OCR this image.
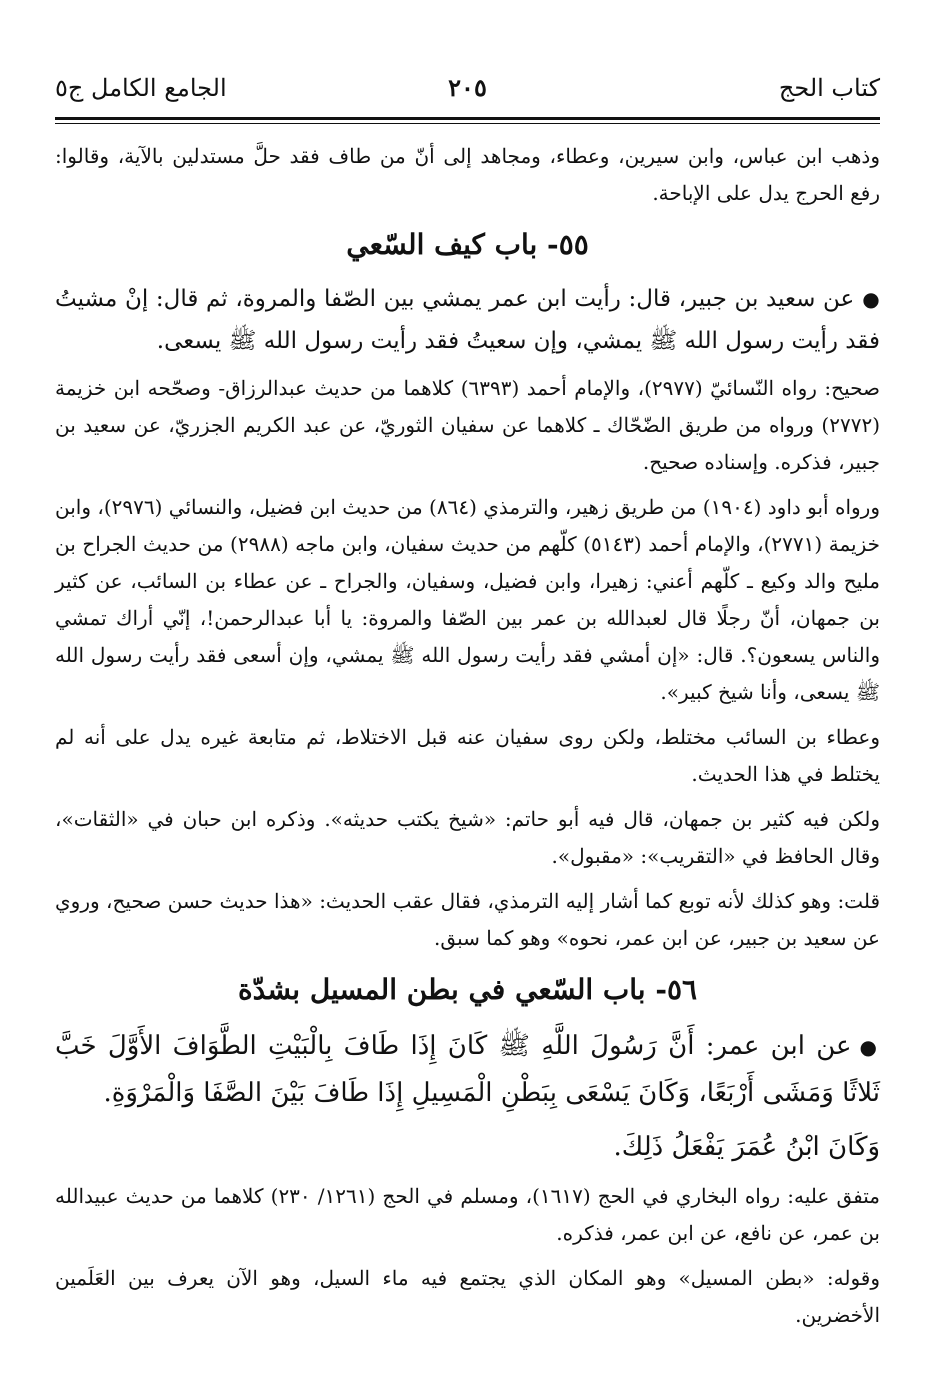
الجامع الكامل ج٥	٢٠٥	كتاب الحج

وذهب ابن عباس، وابن سيرين، وعطاء، ومجاهد إلى أنّ من طاف فقد حلَّ مستدلين بالآية، وقالوا: رفع الحرج يدل على الإباحة.

٥٥- باب كيف السّعي

●عن سعيد بن جبير، قال: رأيت ابن عمر يمشي بين الصّفا والمروة، ثم قال: إنْ مشيتُ فقد رأيت رسول الله ﷺ يمشي، وإن سعيتُ فقد رأيت رسول الله ﷺ يسعى.

صحيح: رواه النّسائيّ (٢٩٧٧)، والإمام أحمد (٦٣٩٣) كلاهما من حديث عبدالرزاق- وصحّحه ابن خزيمة (٢٧٧٢) ورواه من طريق الضّحّاك ـ كلاهما عن سفيان الثوريّ، عن عبد الكريم الجزريّ، عن سعيد بن جبير، فذكره. وإسناده صحيح.

ورواه أبو داود (١٩٠٤) من طريق زهير، والترمذي (٨٦٤) من حديث ابن فضيل، والنسائي (٢٩٧٦)، وابن خزيمة (٢٧٧١)، والإمام أحمد (٥١٤٣) كلّهم من حديث سفيان، وابن ماجه (٢٩٨٨) من حديث الجراح بن مليح والد وكيع ـ كلّهم أعني: زهيرا، وابن فضيل، وسفيان، والجراح ـ عن عطاء بن السائب، عن كثير بن جمهان، أنّ رجلًا قال لعبدالله بن عمر بين الصّفا والمروة: يا أبا عبدالرحمن!، إنّي أراك تمشي والناس يسعون؟. قال: «إن أمشي فقد رأيت رسول الله ﷺ يمشي، وإن أسعى فقد رأيت رسول الله ﷺ يسعى، وأنا شيخ كبير».

وعطاء بن السائب مختلط، ولكن روى سفيان عنه قبل الاختلاط، ثم متابعة غيره يدل على أنه لم يختلط في هذا الحديث.

ولكن فيه كثير بن جمهان، قال فيه أبو حاتم: «شيخ يكتب حديثه». وذكره ابن حبان في «الثقات»، وقال الحافظ في «التقريب»: «مقبول».

قلت: وهو كذلك لأنه توبع كما أشار إليه الترمذي، فقال عقب الحديث: «هذا حديث حسن صحيح، وروي عن سعيد بن جبير، عن ابن عمر، نحوه» وهو كما سبق.

٥٦- باب السّعي في بطن المسيل بشدّة

●عن ابن عمر: أَنَّ رَسُولَ اللَّهِ ﷺ كَانَ إِذَا طَافَ بِالْبَيْتِ الطَّوَافَ الأَوَّلَ خَبَّ ثَلاثًا وَمَشَى أَرْبَعًا، وَكَانَ يَسْعَى بِبَطْنِ الْمَسِيلِ إِذَا طَافَ بَيْنَ الصَّفَا وَالْمَرْوَةِ.

وَكَانَ ابْنُ عُمَرَ يَفْعَلُ ذَلِكَ.

متفق عليه: رواه البخاري في الحج (١٦١٧)، ومسلم في الحج (١٢٦١/ ٢٣٠) كلاهما من حديث عبيدالله بن عمر، عن نافع، عن ابن عمر، فذكره.

وقوله: «بطن المسيل» وهو المكان الذي يجتمع فيه ماء السيل، وهو الآن يعرف بين العَلَمين الأخضرين.
